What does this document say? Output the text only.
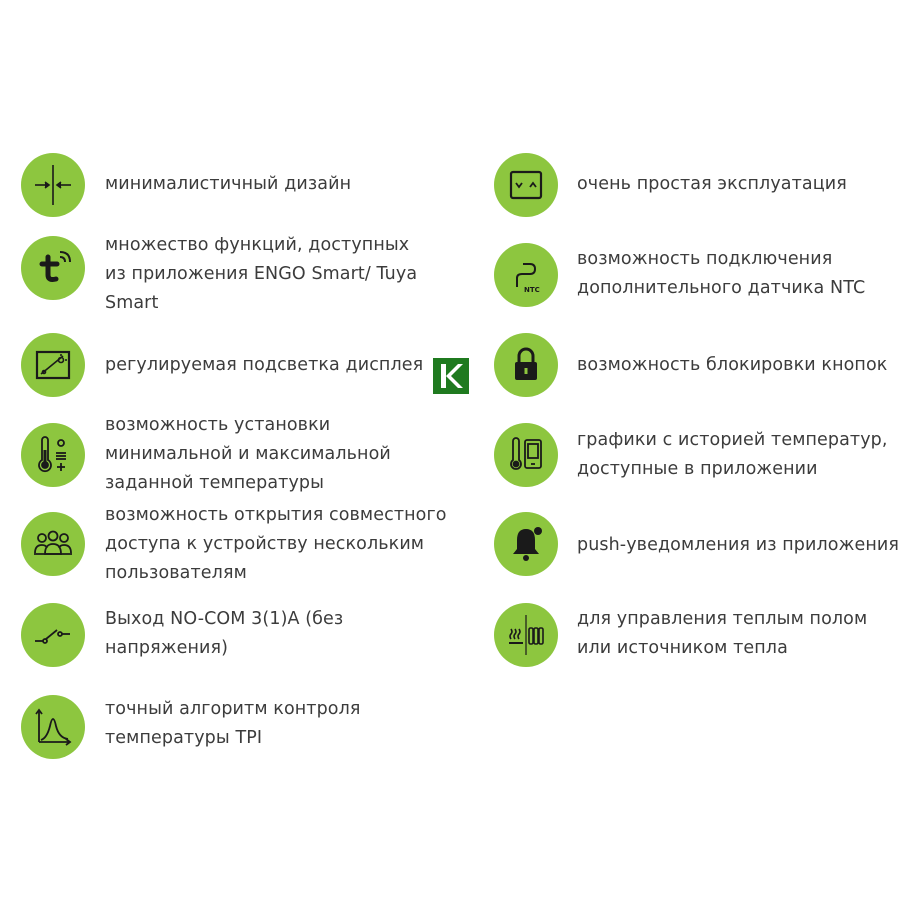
минималистичный дизайн
множество функций, доступных из приложения ENGO Smart/ Tuya Smart
регулируемая подсветка дисплея
возможность установки минимальной и максимальной заданной температуры
возможность открытия совместного доступа к устройству нескольким пользователям
Выход NO-COM 3(1)A (без напряжения)
точный алгоритм контроля температуры TPI
очень простая эксплуатация
NTC
возможность подключения дополнительного датчика NTC
возможность блокировки кнопок
графики с историей температур, доступные в приложении
push-уведомления из приложения
для управления теплым полом или источником тепла
